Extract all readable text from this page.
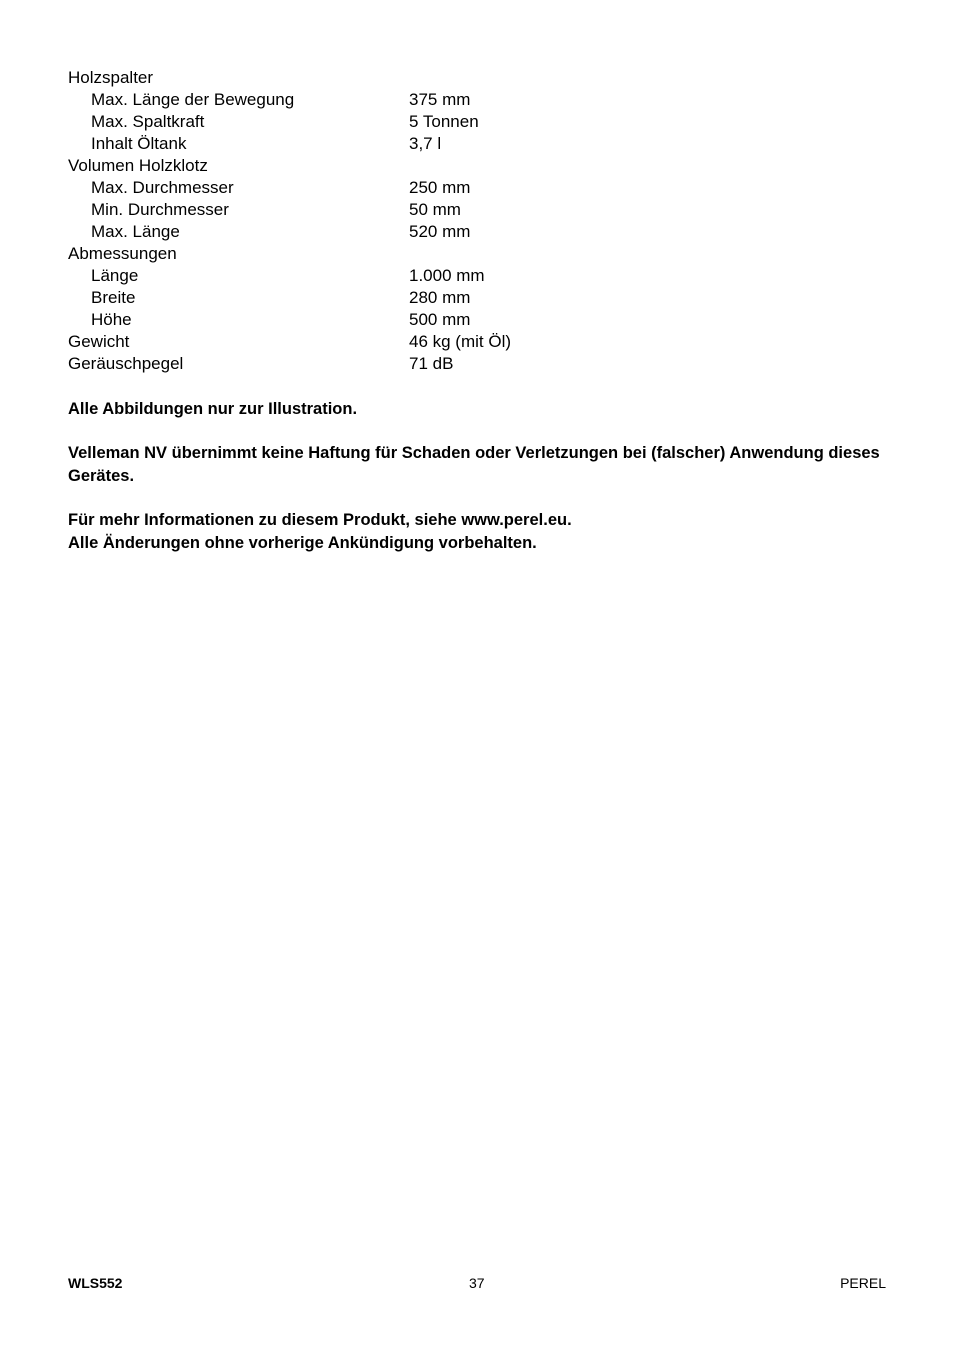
Holzspalter
Max. Länge der Bewegung	375 mm
Max. Spaltkraft	5 Tonnen
Inhalt Öltank	3,7 l
Volumen Holzklotz
Max. Durchmesser	250 mm
Min. Durchmesser	50 mm
Max. Länge	520 mm
Abmessungen
Länge	1.000 mm
Breite	280 mm
Höhe	500 mm
Gewicht	46 kg (mit Öl)
Geräuschpegel	71 dB

Alle Abbildungen nur zur Illustration.

Velleman NV übernimmt keine Haftung für Schaden oder Verletzungen bei (falscher) Anwendung dieses Gerätes.

Für mehr Informationen zu diesem Produkt, siehe www.perel.eu.
Alle Änderungen ohne vorherige Ankündigung vorbehalten.

WLS552	37	PEREL
